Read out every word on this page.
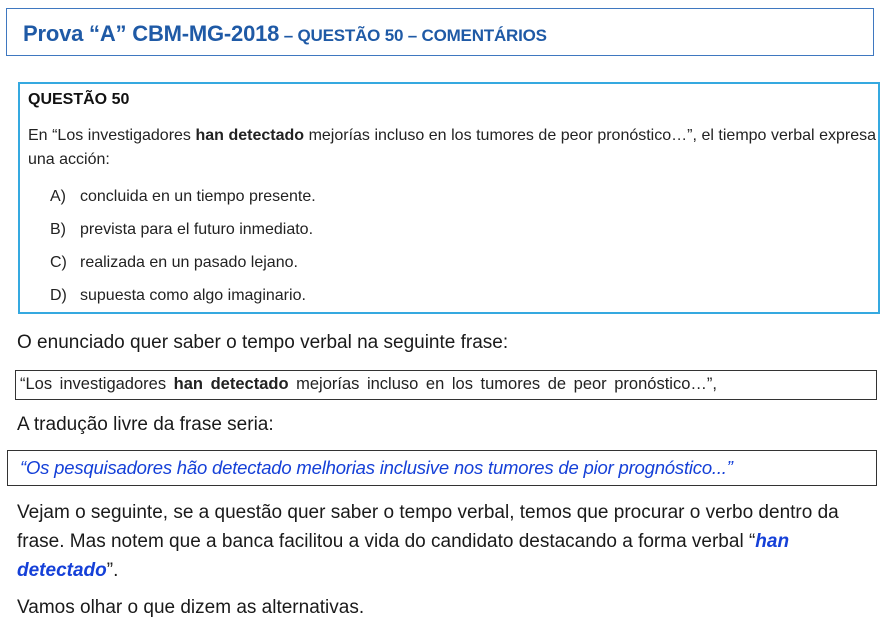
Prova “A” CBM-MG-2018 – QUESTÃO 50 – COMENTÁRIOS
QUESTÃO 50
En “Los investigadores han detectado mejorías incluso en los tumores de peor pronóstico…”, el tiempo verbal expresa una acción:
A) concluida en un tiempo presente.
B) prevista para el futuro inmediato.
C) realizada en un pasado lejano.
D) supuesta como algo imaginario.
O enunciado quer saber o tempo verbal na seguinte frase:
“Los investigadores han detectado mejorías incluso en los tumores de peor pronóstico…”,
A tradução livre da frase seria:
“Os pesquisadores hão detectado melhorias inclusive nos tumores de pior prognóstico...”
Vejam o seguinte, se a questão quer saber o tempo verbal, temos que procurar o verbo dentro da frase. Mas notem que a banca facilitou a vida do candidato destacando a forma verbal “han detectado”.
Vamos olhar o que dizem as alternativas.
